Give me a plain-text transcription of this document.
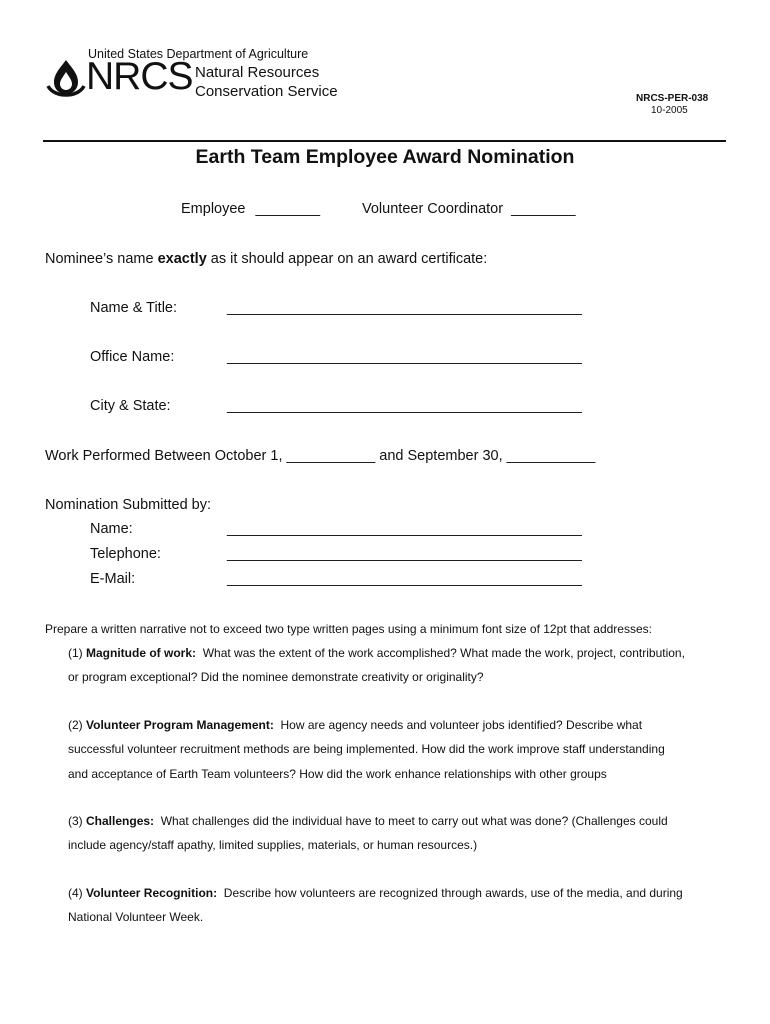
United States Department of Agriculture
NRCS Natural Resources
Conservation Service	NRCS-PER-038
10-2005
Earth Team Employee Award Nomination
Employee ________	Volunteer Coordinator ________
Nominee’s name exactly as it should appear on an award certificate:
Name & Title:	____________________________________________
Office Name:	____________________________________________
City & State:	____________________________________________
Work Performed Between October 1, ___________ and September 30, ___________
Nomination Submitted by:
Name:	____________________________________________
Telephone:	____________________________________________
E-Mail:	____________________________________________
Prepare a written narrative not to exceed two type written pages using a minimum font size of 12pt that addresses:
(1) Magnitude of work: What was the extent of the work accomplished? What made the work, project, contribution,
or program exceptional? Did the nominee demonstrate creativity or originality?
(2) Volunteer Program Management: How are agency needs and volunteer jobs identified? Describe what
successful volunteer recruitment methods are being implemented. How did the work improve staff understanding
and acceptance of Earth Team volunteers? How did the work enhance relationships with other groups
(3) Challenges: What challenges did the individual have to meet to carry out what was done? (Challenges could
include agency/staff apathy, limited supplies, materials, or human resources.)
(4) Volunteer Recognition: Describe how volunteers are recognized through awards, use of the media, and during
National Volunteer Week.
